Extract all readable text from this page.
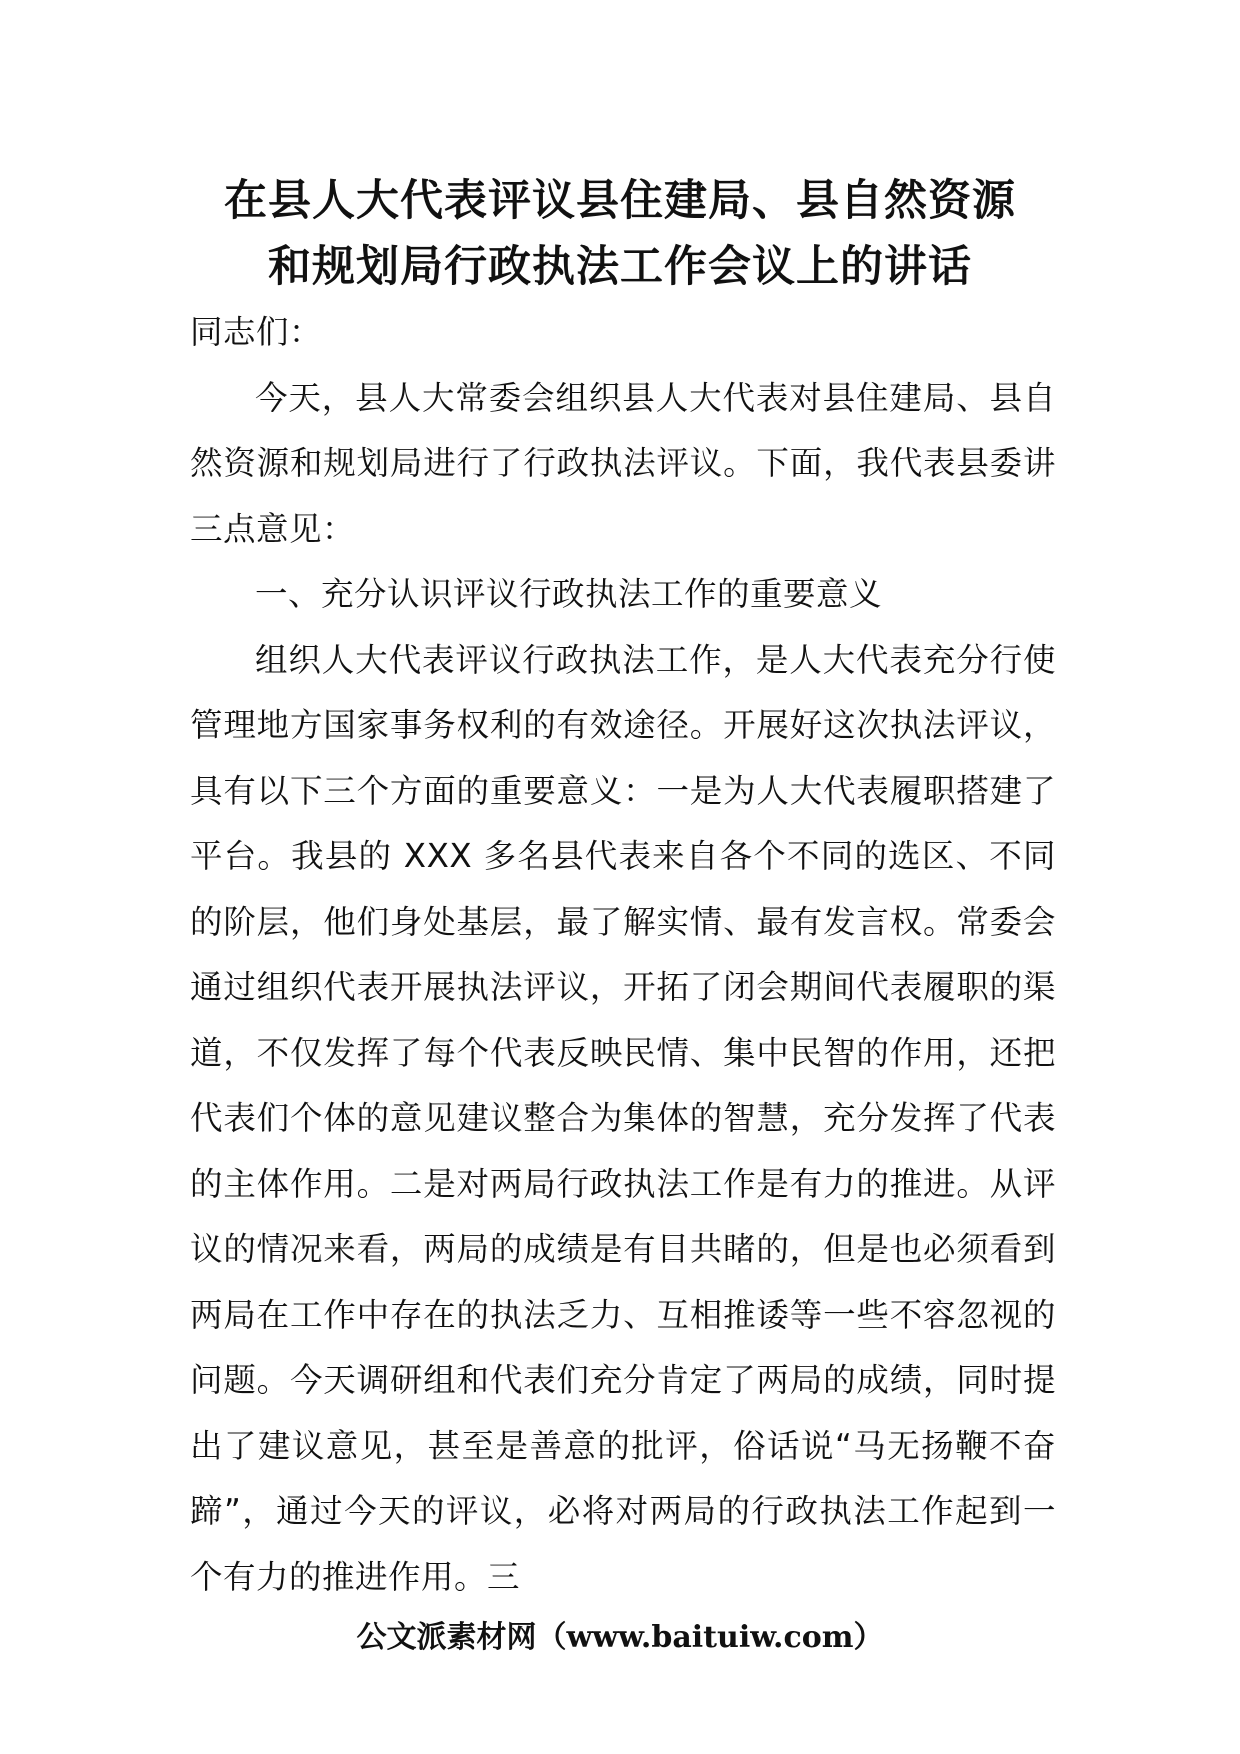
在县人大代表评议县住建局、县自然资源
和规划局行政执法工作会议上的讲话

同志们：

今天，县人大常委会组织县人大代表对县住建局、县自然资源和规划局进行了行政执法评议。下面，我代表县委讲三点意见：

一、充分认识评议行政执法工作的重要意义

组织人大代表评议行政执法工作，是人大代表充分行使管理地方国家事务权利的有效途径。开展好这次执法评议，具有以下三个方面的重要意义：一是为人大代表履职搭建了平台。我县的 XXX 多名县代表来自各个不同的选区、不同的阶层，他们身处基层，最了解实情、最有发言权。常委会通过组织代表开展执法评议，开拓了闭会期间代表履职的渠道，不仅发挥了每个代表反映民情、集中民智的作用，还把代表们个体的意见建议整合为集体的智慧，充分发挥了代表的主体作用。二是对两局行政执法工作是有力的推进。从评议的情况来看，两局的成绩是有目共睹的，但是也必须看到两局在工作中存在的执法乏力、互相推诿等一些不容忽视的问题。今天调研组和代表们充分肯定了两局的成绩，同时提出了建议意见，甚至是善意的批评，俗话说“马无扬鞭不奋蹄”，通过今天的评议，必将对两局的行政执法工作起到一个有力的推进作用。三

公文派素材网（www.baituiw.com）
